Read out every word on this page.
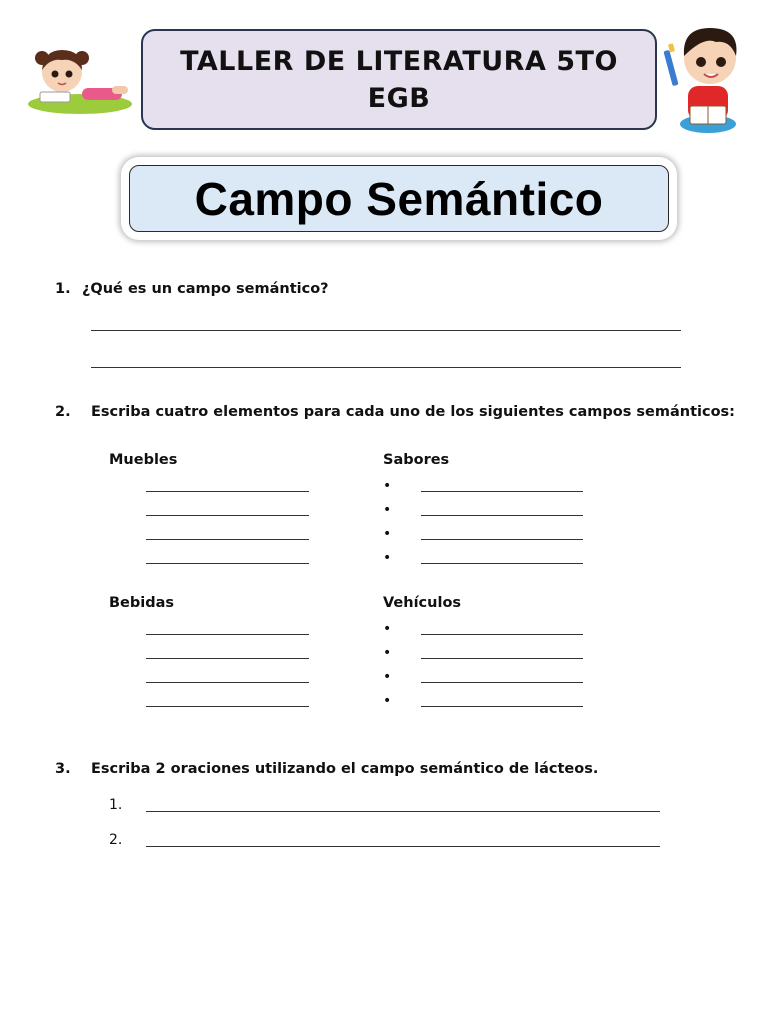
TALLER DE LITERATURA 5TO EGB
Campo Semántico
1. ¿Qué es un campo semántico?
2. Escriba cuatro elementos para cada uno de los siguientes campos semánticos:
Muebles	Sabores
•
•
•
•
Bebidas	Vehículos
•
•
•
•
3. Escriba 2 oraciones utilizando el campo semántico de lácteos.
1.
2.
